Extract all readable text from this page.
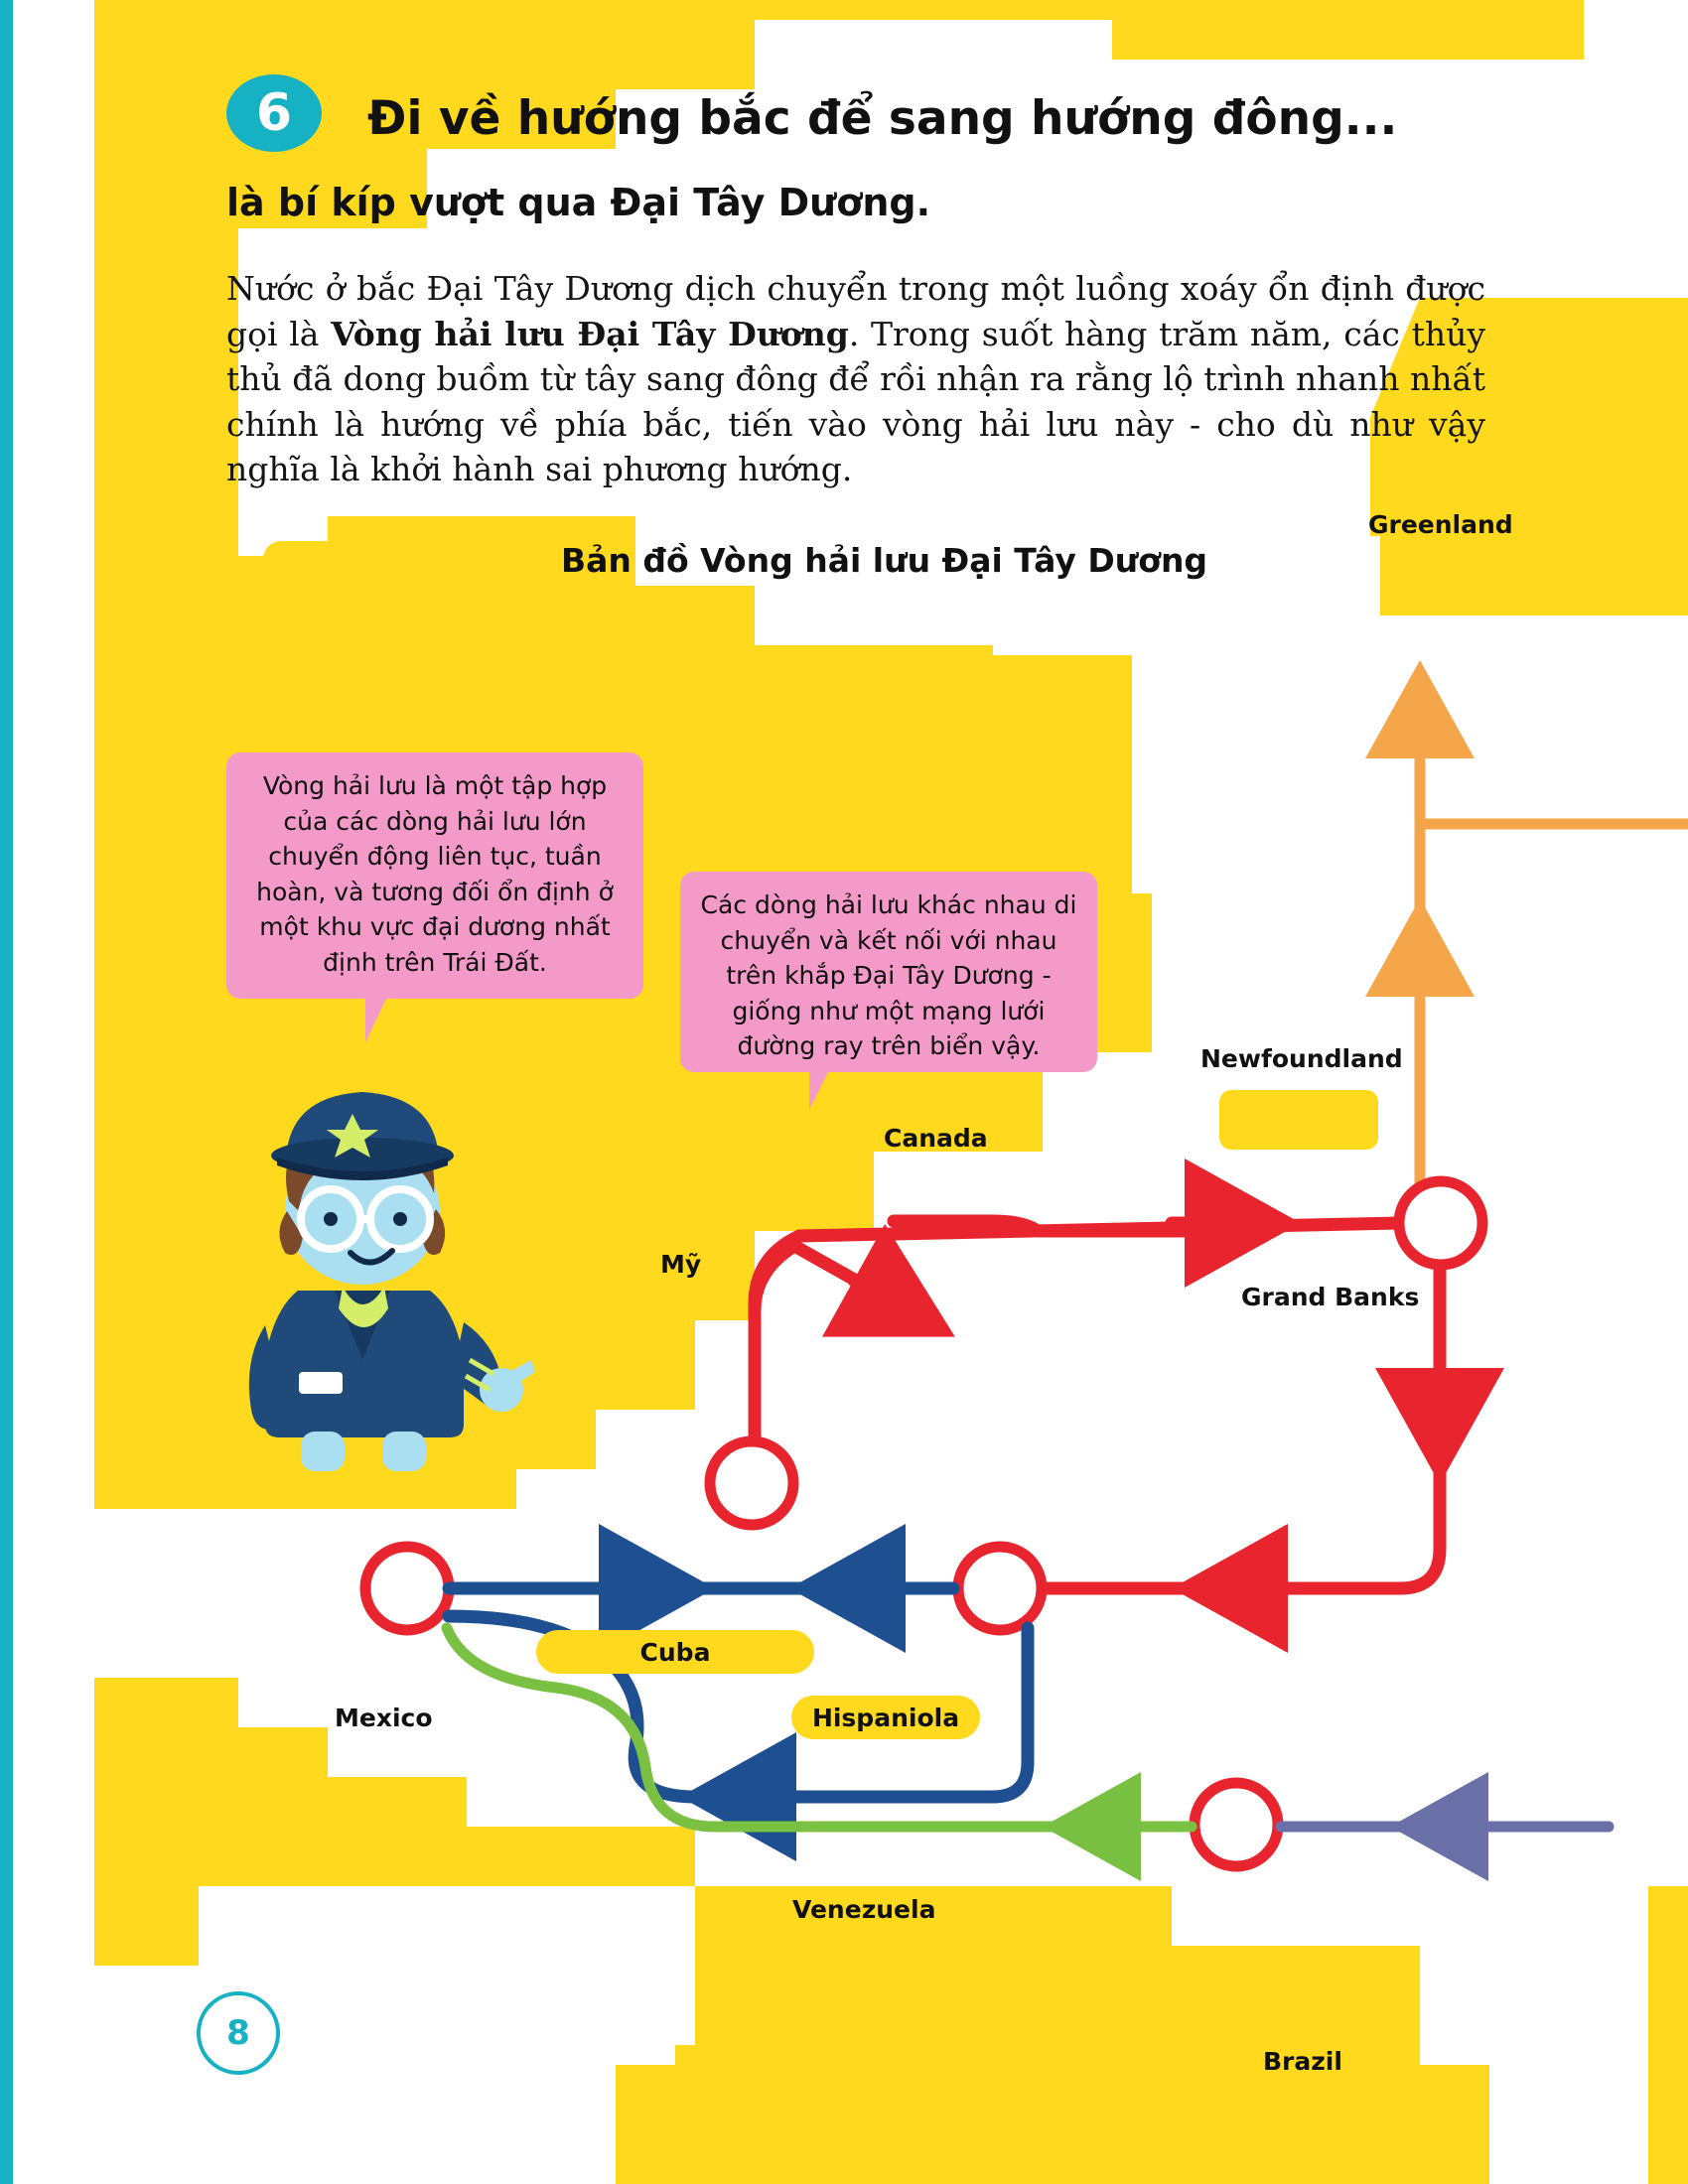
6	Đi về hướng bắc để sang hướng đông...
là bí kíp vượt qua Đại Tây Dương.
Nước ở bắc Đại Tây Dương dịch chuyển trong một luồng xoáy ổn định được gọi là Vòng hải lưu Đại Tây Dương. Trong suốt hàng trăm năm, các thủy thủ đã dong buồm từ tây sang đông để rồi nhận ra rằng lộ trình nhanh nhất chính là hướng về phía bắc, tiến vào vòng hải lưu này - cho dù như vậy nghĩa là khởi hành sai phương hướng.
Bản đồ Vòng hải lưu Đại Tây Dương
Vòng hải lưu là một tập hợp của các dòng hải lưu lớn chuyển động liên tục, tuần hoàn, và tương đối ổn định ở một khu vực đại dương nhất định trên Trái Đất.
Các dòng hải lưu khác nhau di chuyển và kết nối với nhau trên khắp Đại Tây Dương - giống như một mạng lưới đường ray trên biển vậy.
Greenland
Newfoundland
Canada
Grand Banks
Mỹ
Mexico
Venezuela
Brazil
Cuba
Hispaniola
8
